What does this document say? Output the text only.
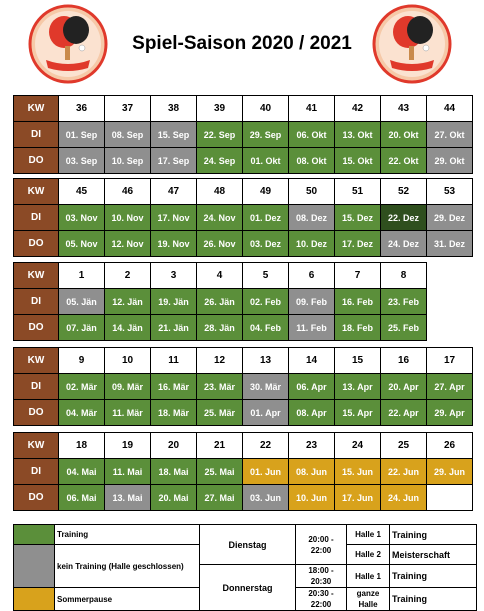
Spiel-Saison 2020 / 2021
KW	36	37	38	39	40	41	42	43	44
DI	01. Sep	08. Sep	15. Sep	22. Sep	29. Sep	06. Okt	13. Okt	20. Okt	27. Okt
DO	03. Sep	10. Sep	17. Sep	24. Sep	01. Okt	08. Okt	15. Okt	22. Okt	29. Okt
KW	45	46	47	48	49	50	51	52	53
DI	03. Nov	10. Nov	17. Nov	24. Nov	01. Dez	08. Dez	15. Dez	22. Dez	29. Dez
DO	05. Nov	12. Nov	19. Nov	26. Nov	03. Dez	10. Dez	17. Dez	24. Dez	31. Dez
KW	1	2	3	4	5	6	7	8
DI	05. Jän	12. Jän	19. Jän	26. Jän	02. Feb	09. Feb	16. Feb	23. Feb
DO	07. Jän	14. Jän	21. Jän	28. Jän	04. Feb	11. Feb	18. Feb	25. Feb
KW	9	10	11	12	13	14	15	16	17
DI	02. Mär	09. Mär	16. Mär	23. Mär	30. Mär	06. Apr	13. Apr	20. Apr	27. Apr
DO	04. Mär	11. Mär	18. Mär	25. Mär	01. Apr	08. Apr	15. Apr	22. Apr	29. Apr
KW	18	19	20	21	22	23	24	25	26
DI	04. Mai	11. Mai	18. Mai	25. Mai	01. Jun	08. Jun	15. Jun	22. Jun	29. Jun
DO	06. Mai	13. Mai	20. Mai	27. Mai	03. Jun	10. Jun	17. Jun	24. Jun	
	Training	Dienstag	20:00 - 22:00	Halle 1	Training

	kein Training (Halle geschlossen)			Halle 2	Meisterschaft

		Donnerstag	18:00 - 20:30	Halle 1	Training

	Sommerpause		20:30 - 22:00	ganze Halle	Training
